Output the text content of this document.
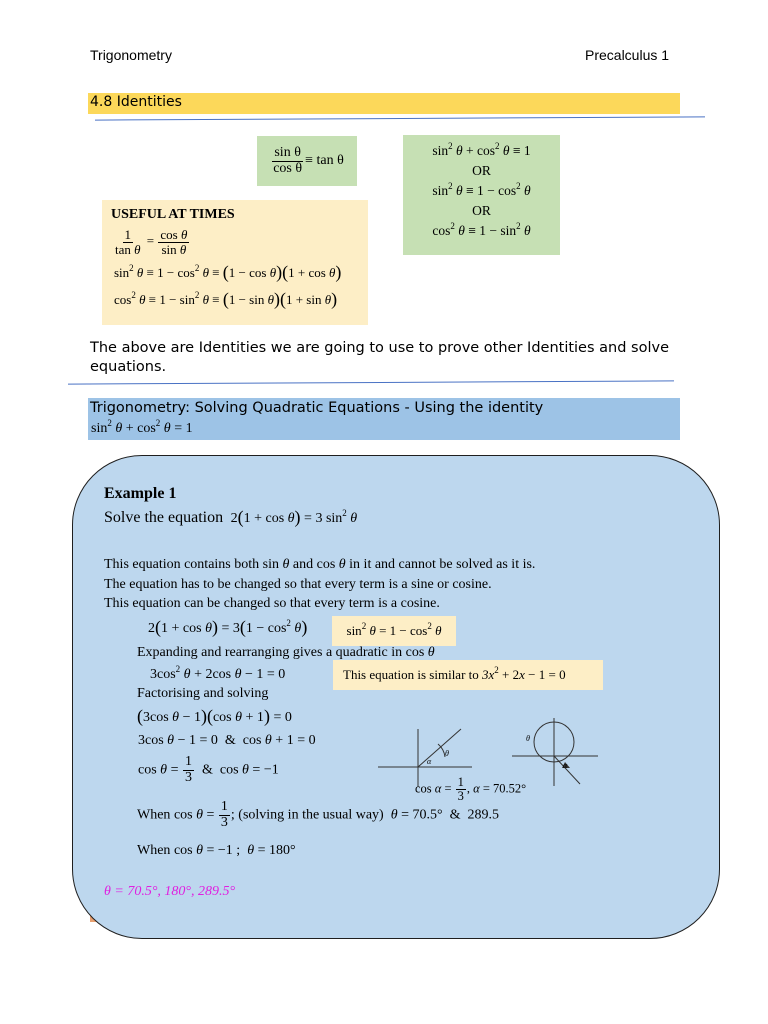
Trigonometry	Precalculus 1
4.8 Identities
$\frac{\text{sin θ}}{\text{cos θ}} \equiv \tan \theta$
$\sin^2 \theta + \cos^2 \theta \equiv 1$
OR
$\sin^2 \theta \equiv 1 - \cos^2 \theta$
OR
$\cos^2 \theta \equiv 1 - \sin^2 \theta$
USEFUL AT TIMES
$\frac{1}{\text{tan θ}} = \frac{\text{cos θ}}{\text{sin θ}}$
$\sin^2 \theta \equiv 1 - \cos^2 \theta \equiv (1 - \cos \theta)(1 + \cos \theta)$
$\cos^2 \theta \equiv 1 - \sin^2 \theta \equiv (1 - \sin \theta)(1 + \sin \theta)$
The above are Identities we are going to use to prove other Identities and solve equations.
Trigonometry: Solving Quadratic Equations - Using the identity
$\sin^2 \theta + \cos^2 \theta = 1$
Example 1
Solve the equation 2(1 + cos θ) = 3 $\sin^2 \theta$
This equation contains both sin θ and cos θ in it and cannot be solved as it is.
The equation has to be changed so that every term is a sine or cosine.
This equation can be changed so that every term is a cosine.
$2(1 + \cos \theta) = 3(1 - \cos^2 \theta)$	$\sin^2 \theta = 1 - \cos^2 \theta$
Expanding and rearranging gives a quadratic in cos θ
$3\cos^2$ θ + 2cos θ − 1 = 0	This equation is similar to $3x^2 + 2x - 1 = 0$
Factorising and solving
(3cos θ − 1)(cos θ + 1) = 0
3cos θ − 1 = 0  &  cos θ + 1 = 0
$\cos \theta = \frac{1}{3}$ &  cos θ = −1
α
θ
$\cos \alpha = \frac{1}{3}$ , α = 70.52°
θ
α
When $\cos \theta = \frac{1}{3}$ ; (solving in the usual way) θ = 70.5°  &  289.5
When cos θ = −1 ;  θ = 180°
θ = 70.5°, 180°, 289.5°
